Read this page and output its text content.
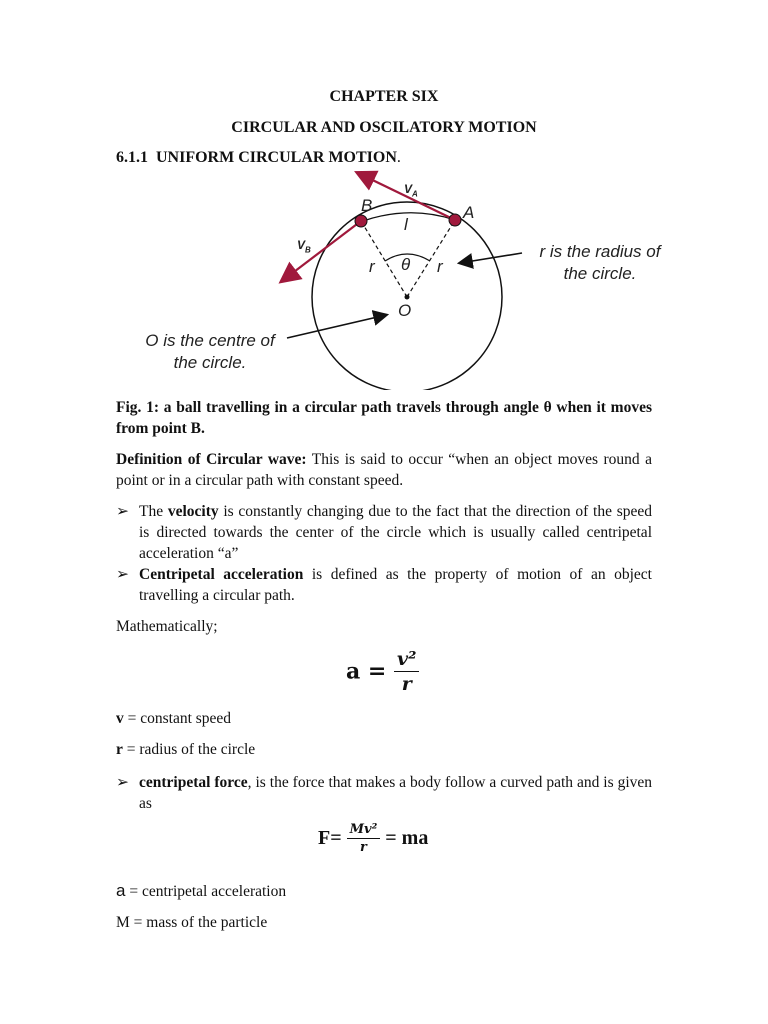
CHAPTER SIX
CIRCULAR AND OSCILATORY MOTION
6.1.1 UNIFORM CIRCULAR MOTION.
$V_A$
$V_B$
B	A
l
θ
r	r
O
r is the radius of
the circle.
O is the centre of
the circle.
Fig. 1: a ball travelling in a circular path travels through angle θ when it moves from point B.
Definition of Circular wave: This is said to occur “when an object moves round a point or in a circular path with constant speed.
➢ The velocity is constantly changing due to the fact that the direction of the speed is directed towards the center of the circle which is usually called centripetal acceleration “a”
➢ Centripetal acceleration is defined as the property of motion of an object travelling a circular path.
Mathematically;
$a = \frac{\text{v²}}{r}$
v = constant speed
r = radius of the circle
➢ centripetal force, is the force that makes a body follow a curved path and is given as
$F= \frac{\text{Mv²}}{r}$ = ma
a = centripetal acceleration
M = mass of the particle
